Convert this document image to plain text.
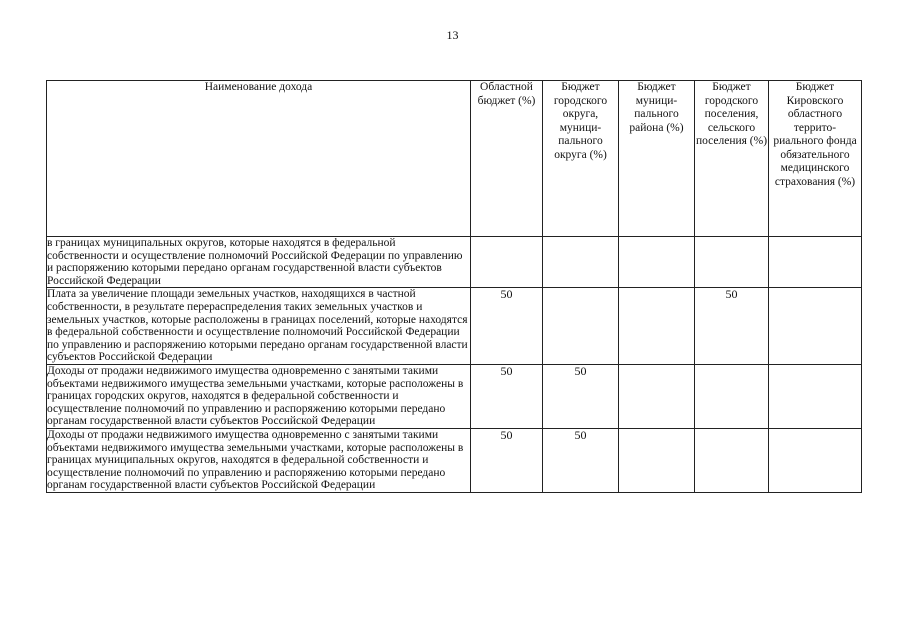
13
Наименование дохода	Областной бюджет (%)	Бюджет городского округа, муници-пального округа (%)	Бюджет муници-пального района (%)	Бюджет городского поселения, сельского поселения (%)	Бюджет Кировского областного террито-риального фонда обязательного медицинского страхования (%)
в границах муниципальных округов, которые находятся в федеральной собственности и осуществление полномочий Российской Федерации по управлению и распоряжению которыми передано органам государственной власти субъектов Российской Федерации					
Плата за увеличение площади земельных участков, находящихся в частной собственности, в результате перераспределения таких земельных участков и земельных участков, которые расположены в границах поселений, которые находятся в федеральной собственности и осуществление полномочий Российской Федерации по управлению и распоряжению которыми передано органам государственной власти субъектов Российской Федерации	50			50	
Доходы от продажи недвижимого имущества одновременно с занятыми такими объектами недвижимого имущества земельными участками, которые расположены в границах городских округов, находятся в федеральной собственности и осуществление полномочий по управлению и распоряжению которыми передано органам государственной власти субъектов Российской Федерации	50	50			
Доходы от продажи недвижимого имущества одновременно с занятыми такими объектами недвижимого имущества земельными участками, которые расположены в границах муниципальных округов, находятся в федеральной собственности и осуществление полномочий по управлению и распоряжению которыми передано органам государственной власти субъектов Российской Федерации	50	50			
